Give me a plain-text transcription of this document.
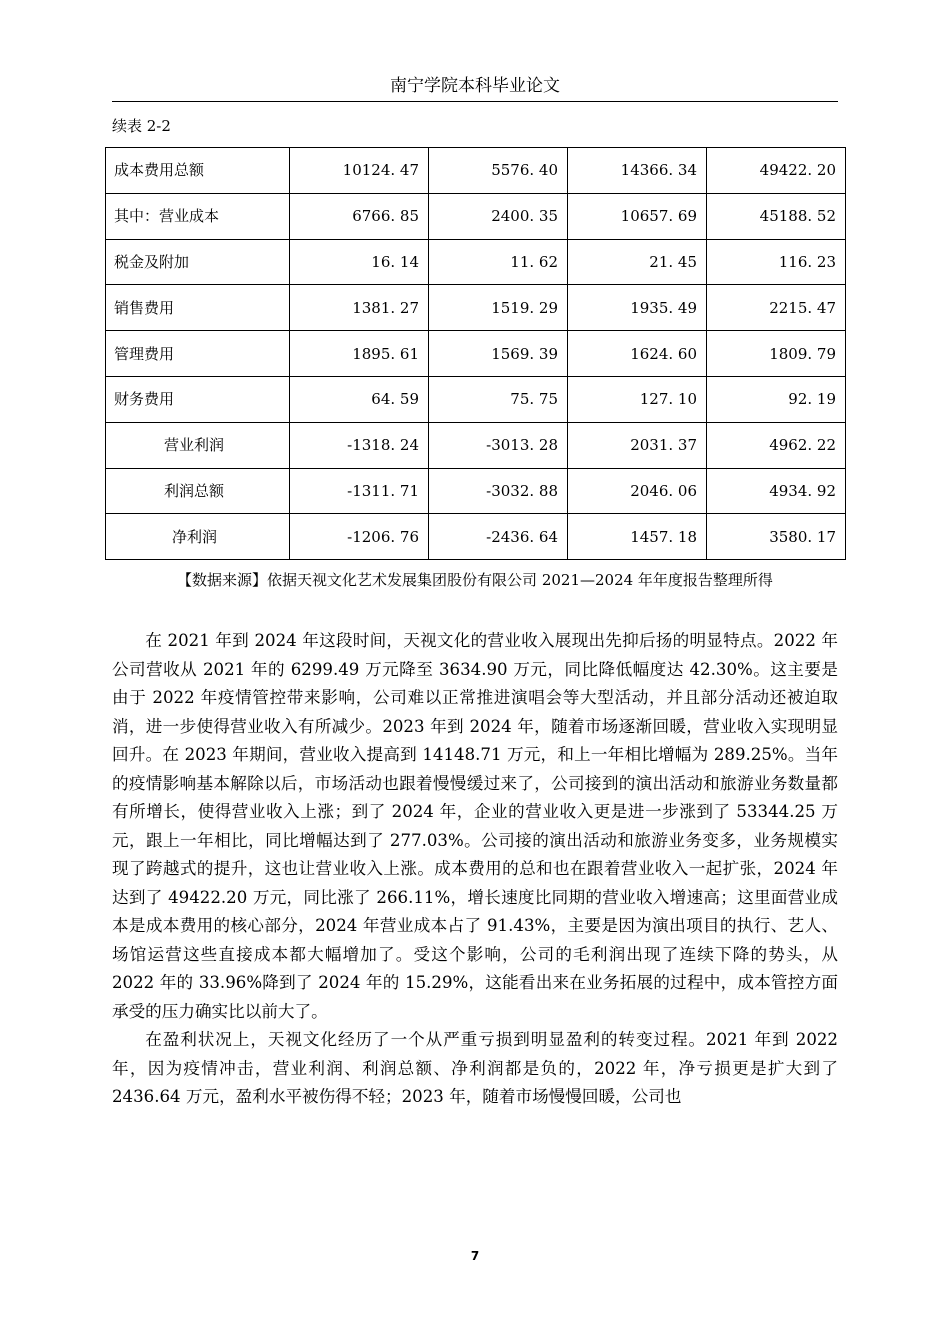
南宁学院本科毕业论文
续表 2-2
成本费用总额	10124. 47	5576. 40	14366. 34	49422. 20
其中：营业成本	6766. 85	2400. 35	10657. 69	45188. 52
税金及附加	16. 14	11. 62	21. 45	116. 23
销售费用	1381. 27	1519. 29	1935. 49	2215. 47
管理费用	1895. 61	1569. 39	1624. 60	1809. 79
财务费用	64. 59	75. 75	127. 10	92. 19
营业利润	-1318. 24	-3013. 28	2031. 37	4962. 22
利润总额	-1311. 71	-3032. 88	2046. 06	4934. 92
净利润	-1206. 76	-2436. 64	1457. 18	3580. 17
【数据来源】依据天视文化艺术发展集团股份有限公司 2021—2024 年年度报告整理所得

在 2021 年到 2024 年这段时间，天视文化的营业收入展现出先抑后扬的明显特点。2022 年公司营收从 2021 年的 6299.49 万元降至 3634.90 万元，同比降低幅度达 42.30%。这主要是由于 2022 年疫情管控带来影响，公司难以正常推进演唱会等大型活动，并且部分活动还被迫取消，进一步使得营业收入有所减少。2023 年到 2024 年，随着市场逐渐回暖，营业收入实现明显回升。在 2023 年期间，营业收入提高到 14148.71 万元，和上一年相比增幅为 289.25%。当年的疫情影响基本解除以后，市场活动也跟着慢慢缓过来了，公司接到的演出活动和旅游业务数量都有所增长，使得营业收入上涨；到了 2024 年，企业的营业收入更是进一步涨到了 53344.25 万元，跟上一年相比，同比增幅达到了 277.03%。公司接的演出活动和旅游业务变多，业务规模实现了跨越式的提升，这也让营业收入上涨。成本费用的总和也在跟着营业收入一起扩张，2024 年达到了 49422.20 万元，同比涨了 266.11%，增长速度比同期的营业收入增速高；这里面营业成本是成本费用的核心部分，2024 年营业成本占了 91.43%，主要是因为演出项目的执行、艺人、场馆运营这些直接成本都大幅增加了。受这个影响，公司的毛利润出现了连续下降的势头，从 2022 年的 33.96%降到了 2024 年的 15.29%，这能看出来在业务拓展的过程中，成本管控方面承受的压力确实比以前大了。

在盈利状况上，天视文化经历了一个从严重亏损到明显盈利的转变过程。2021 年到 2022 年，因为疫情冲击，营业利润、利润总额、净利润都是负的，2022 年，净亏损更是扩大到了 2436.64 万元，盈利水平被伤得不轻；2023 年，随着市场慢慢回暖，公司也

7
